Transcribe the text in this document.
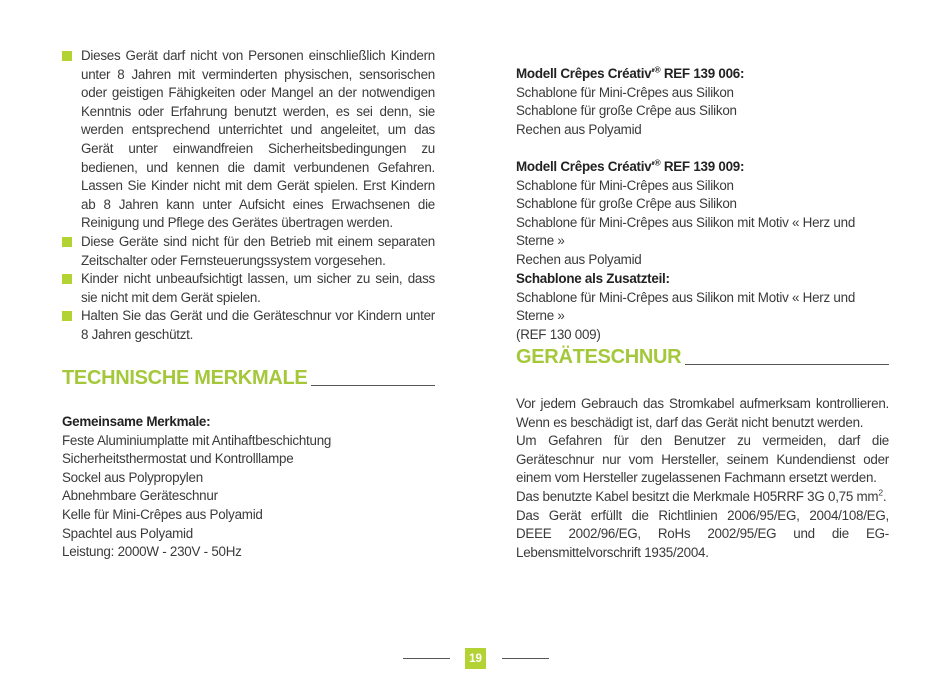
Dieses Gerät darf nicht von Personen einschließlich Kindern unter 8 Jahren mit verminderten physischen, sensorischen oder geistigen Fähigkeiten oder Mangel an der notwendigen Kenntnis oder Erfahrung benutzt werden, es sei denn, sie werden entsprechend unterrichtet und angeleitet, um das Gerät unter einwandfreien Sicherheitsbedingungen zu bedienen, und kennen die damit verbundenen Gefahren. Lassen Sie Kinder nicht mit dem Gerät spielen. Erst Kindern ab 8 Jahren kann unter Aufsicht eines Erwachsenen die Reinigung und Pflege des Gerätes übertragen werden.
Diese Geräte sind nicht für den Betrieb mit einem separaten Zeitschalter oder Fernsteuerungssystem vorgesehen.
Kinder nicht unbeaufsichtigt lassen, um sicher zu sein, dass sie nicht mit dem Gerät spielen.
Halten Sie das Gerät und die Geräteschnur vor Kindern unter 8 Jahren geschützt.
TECHNISCHE MERKMALE
Gemeinsame Merkmale:
Feste Aluminiumplatte mit Antihaftbeschichtung
Sicherheitsthermostat und Kontrolllampe
Sockel aus Polypropylen
Abnehmbare Geräteschnur
Kelle für Mini-Crêpes aus Polyamid
Spachtel aus Polyamid
Leistung: 2000W - 230V - 50Hz
Modell Crêpes Créativ'® REF 139 006:
Schablone für Mini-Crêpes aus Silikon
Schablone für große Crêpe aus Silikon
Rechen aus Polyamid
Modell Crêpes Créativ'® REF 139 009:
Schablone für Mini-Crêpes aus Silikon
Schablone für große Crêpe aus Silikon
Schablone für Mini-Crêpes aus Silikon mit Motiv « Herz und Sterne »
Rechen aus Polyamid
Schablone als Zusatzteil:
Schablone für Mini-Crêpes aus Silikon mit Motiv « Herz und Sterne »
(REF 130 009)
GERÄTESCHNUR
Vor jedem Gebrauch das Stromkabel aufmerksam kontrollieren. Wenn es beschädigt ist, darf das Gerät nicht benutzt werden.
Um Gefahren für den Benutzer zu vermeiden, darf die Geräteschnur nur vom Hersteller, seinem Kundendienst oder einem vom Hersteller zugelassenen Fachmann ersetzt werden.
Das benutzte Kabel besitzt die Merkmale H05RRF 3G 0,75 $mm^2$.
Das Gerät erfüllt die Richtlinien 2006/95/EG, 2004/108/EG, DEEE 2002/96/EG, RoHs 2002/95/EG und die EG-Lebensmittelvorschrift 1935/2004.
19
